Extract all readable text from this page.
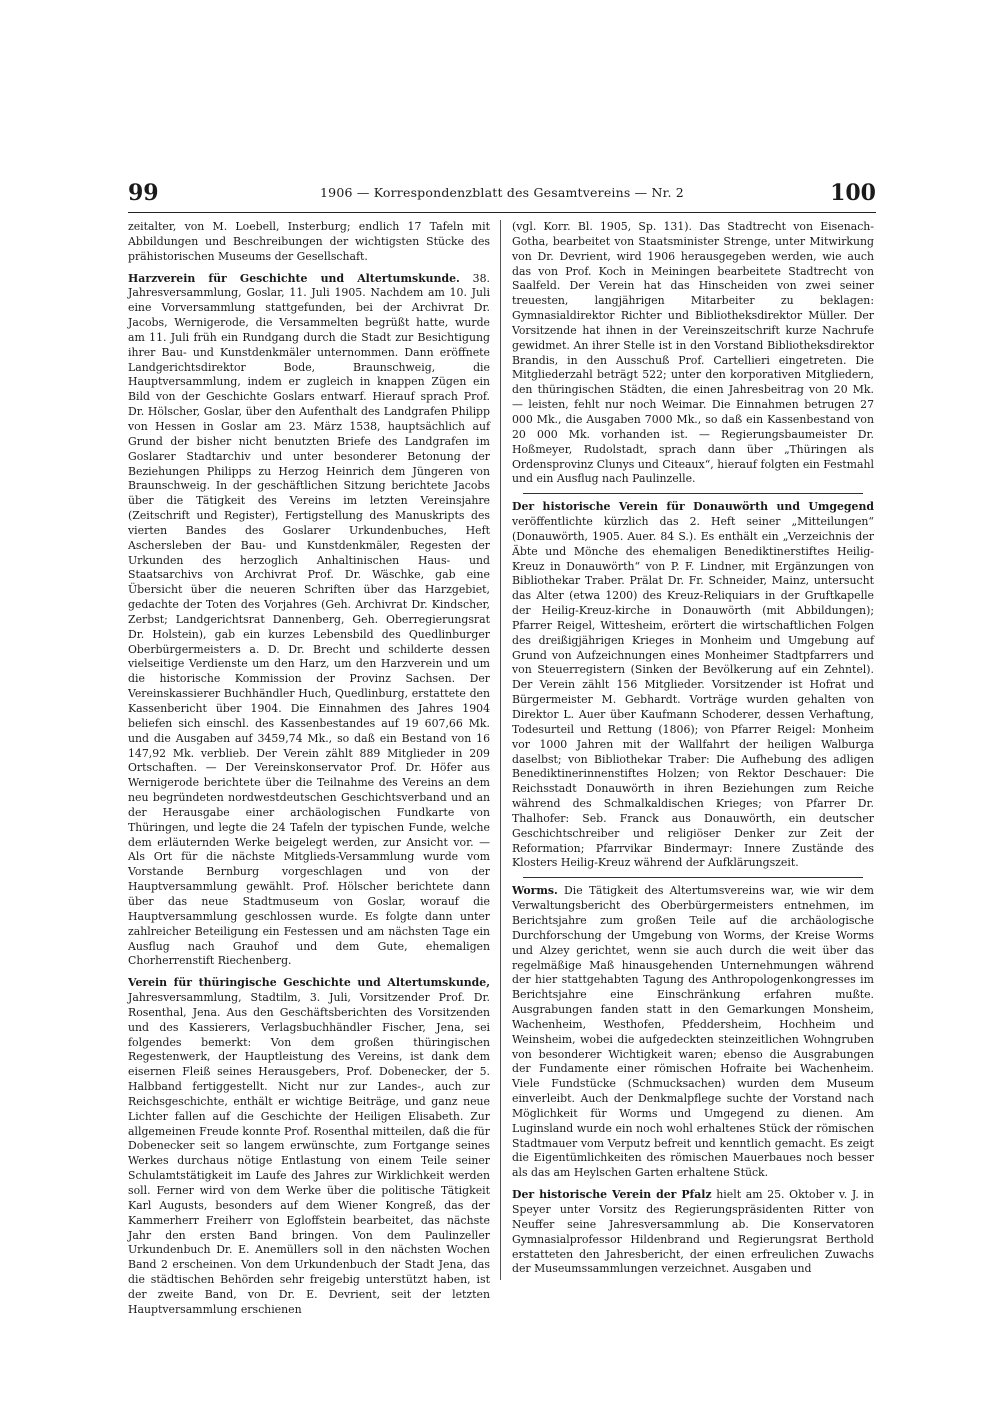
99	1906 — Korrespondenzblatt des Gesamtvereins — Nr. 2	100

zeitalter, von M. Loebell, Insterburg; endlich 17 Tafeln mit Abbildungen und Beschreibungen der wichtigsten Stücke des prähistorischen Museums der Gesellschaft.

Harzverein für Geschichte und Altertumskunde. 38. Jahresversammlung, Goslar, 11. Juli 1905. Nachdem am 10. Juli eine Vorversammlung stattgefunden, bei der Archivrat Dr. Jacobs, Wernigerode, die Versammelten begrüßt hatte, wurde am 11. Juli früh ein Rundgang durch die Stadt zur Besichtigung ihrer Bau- und Kunstdenkmäler unternommen. Dann eröffnete Landgerichtsdirektor Bode, Braunschweig, die Hauptversammlung, indem er zugleich in knappen Zügen ein Bild von der Geschichte Goslars entwarf. Hierauf sprach Prof. Dr. Hölscher, Goslar, über den Aufenthalt des Landgrafen Philipp von Hessen in Goslar am 23. März 1538, hauptsächlich auf Grund der bisher nicht benutzten Briefe des Landgrafen im Goslarer Stadtarchiv und unter besonderer Betonung der Beziehungen Philipps zu Herzog Heinrich dem Jüngeren von Braunschweig. In der geschäftlichen Sitzung berichtete Jacobs über die Tätigkeit des Vereins im letzten Vereinsjahre (Zeitschrift und Register), Fertigstellung des Manuskripts des vierten Bandes des Goslarer Urkundenbuches, Heft Aschersleben der Bau- und Kunstdenkmäler, Regesten der Urkunden des herzoglich Anhaltinischen Haus- und Staatsarchivs von Archivrat Prof. Dr. Wäschke, gab eine Übersicht über die neueren Schriften über das Harzgebiet, gedachte der Toten des Vorjahres (Geh. Archivrat Dr. Kindscher, Zerbst; Landgerichtsrat Dannenberg, Geh. Oberregierungsrat Dr. Holstein), gab ein kurzes Lebensbild des Quedlinburger Oberbürgermeisters a. D. Dr. Brecht und schilderte dessen vielseitige Verdienste um den Harz, um den Harzverein und um die historische Kommission der Provinz Sachsen. Der Vereinskassierer Buchhändler Huch, Quedlinburg, erstattete den Kassenbericht über 1904. Die Einnahmen des Jahres 1904 beliefen sich einschl. des Kassenbestandes auf 19 607,66 Mk. und die Ausgaben auf 3459,74 Mk., so daß ein Bestand von 16 147,92 Mk. verblieb. Der Verein zählt 889 Mitglieder in 209 Ortschaften. — Der Vereinskonservator Prof. Dr. Höfer aus Wernigerode berichtete über die Teilnahme des Vereins an dem neu begründeten nordwestdeutschen Geschichtsverband und an der Herausgabe einer archäologischen Fundkarte von Thüringen, und legte die 24 Tafeln der typischen Funde, welche dem erläuternden Werke beigelegt werden, zur Ansicht vor. — Als Ort für die nächste Mitglieds-Versammlung wurde vom Vorstande Bernburg vorgeschlagen und von der Hauptversammlung gewählt. Prof. Hölscher berichtete dann über das neue Stadtmuseum von Goslar, worauf die Hauptversammlung geschlossen wurde. Es folgte dann unter zahlreicher Beteiligung ein Festessen und am nächsten Tage ein Ausflug nach Grauhof und dem Gute, ehemaligen Chorherrenstift Riechenberg.

Verein für thüringische Geschichte und Altertumskunde, Jahresversammlung, Stadtilm, 3. Juli, Vorsitzender Prof. Dr. Rosenthal, Jena. Aus den Geschäftsberichten des Vorsitzenden und des Kassierers, Verlagsbuchhändler Fischer, Jena, sei folgendes bemerkt: Von dem großen thüringischen Regestenwerk, der Hauptleistung des Vereins, ist dank dem eisernen Fleiß seines Herausgebers, Prof. Dobenecker, der 5. Halbband fertiggestellt. Nicht nur zur Landes-, auch zur Reichsgeschichte, enthält er wichtige Beiträge, und ganz neue Lichter fallen auf die Geschichte der Heiligen Elisabeth. Zur allgemeinen Freude konnte Prof. Rosenthal mitteilen, daß die für Dobenecker seit so langem erwünschte, zum Fortgange seines Werkes durchaus nötige Entlastung von einem Teile seiner Schulamtstätigkeit im Laufe des Jahres zur Wirklichkeit werden soll. Ferner wird von dem Werke über die politische Tätigkeit Karl Augusts, besonders auf dem Wiener Kongreß, das der Kammerherr Freiherr von Egloffstein bearbeitet, das nächste Jahr den ersten Band bringen. Von dem Paulinzeller Urkundenbuch Dr. E. Anemüllers soll in den nächsten Wochen Band 2 erscheinen. Von dem Urkundenbuch der Stadt Jena, das die städtischen Behörden sehr freigebig unterstützt haben, ist der zweite Band, von Dr. E. Devrient, seit der letzten Hauptversammlung erschienen

(vgl. Korr. Bl. 1905, Sp. 131). Das Stadtrecht von Eisenach-Gotha, bearbeitet von Staatsminister Strenge, unter Mitwirkung von Dr. Devrient, wird 1906 herausgegeben werden, wie auch das von Prof. Koch in Meiningen bearbeitete Stadtrecht von Saalfeld. Der Verein hat das Hinscheiden von zwei seiner treuesten, langjährigen Mitarbeiter zu beklagen: Gymnasialdirektor Richter und Bibliotheksdirektor Müller. Der Vorsitzende hat ihnen in der Vereinszeitschrift kurze Nachrufe gewidmet. An ihrer Stelle ist in den Vorstand Bibliotheksdirektor Brandis, in den Ausschuß Prof. Cartellieri eingetreten. Die Mitgliederzahl beträgt 522; unter den korporativen Mitgliedern, den thüringischen Städten, die einen Jahresbeitrag von 20 Mk. — leisten, fehlt nur noch Weimar. Die Einnahmen betrugen 27 000 Mk., die Ausgaben 7000 Mk., so daß ein Kassenbestand von 20 000 Mk. vorhanden ist. — Regierungsbaumeister Dr. Hoßmeyer, Rudolstadt, sprach dann über „Thüringen als Ordensprovinz Clunys und Citeaux“, hierauf folgten ein Festmahl und ein Ausflug nach Paulinzelle.

Der historische Verein für Donauwörth und Umgegend veröffentlichte kürzlich das 2. Heft seiner „Mitteilungen“ (Donauwörth, 1905. Auer. 84 S.). Es enthält ein „Verzeichnis der Äbte und Mönche des ehemaligen Benediktinerstiftes Heilig-Kreuz in Donauwörth“ von P. F. Lindner, mit Ergänzungen von Bibliothekar Traber. Prälat Dr. Fr. Schneider, Mainz, untersucht das Alter (etwa 1200) des Kreuz-Reliquiars in der Gruftkapelle der Heilig-Kreuz-kirche in Donauwörth (mit Abbildungen); Pfarrer Reigel, Wittesheim, erörtert die wirtschaftlichen Folgen des dreißigjährigen Krieges in Monheim und Umgebung auf Grund von Aufzeichnungen eines Monheimer Stadtpfarrers und von Steuerregistern (Sinken der Bevölkerung auf ein Zehntel). Der Verein zählt 156 Mitglieder. Vorsitzender ist Hofrat und Bürgermeister M. Gebhardt. Vorträge wurden gehalten von Direktor L. Auer über Kaufmann Schoderer, dessen Verhaftung, Todesurteil und Rettung (1806); von Pfarrer Reigel: Monheim vor 1000 Jahren mit der Wallfahrt der heiligen Walburga daselbst; von Bibliothekar Traber: Die Aufhebung des adligen Benediktinerinnenstiftes Holzen; von Rektor Deschauer: Die Reichsstadt Donauwörth in ihren Beziehungen zum Reiche während des Schmalkaldischen Krieges; von Pfarrer Dr. Thalhofer: Seb. Franck aus Donauwörth, ein deutscher Geschichtschreiber und religiöser Denker zur Zeit der Reformation; Pfarrvikar Bindermayr: Innere Zustände des Klosters Heilig-Kreuz während der Aufklärungszeit.

Worms. Die Tätigkeit des Altertumsvereins war, wie wir dem Verwaltungsbericht des Oberbürgermeisters entnehmen, im Berichtsjahre zum großen Teile auf die archäologische Durchforschung der Umgebung von Worms, der Kreise Worms und Alzey gerichtet, wenn sie auch durch die weit über das regelmäßige Maß hinausgehenden Unternehmungen während der hier stattgehabten Tagung des Anthropologenkongresses im Berichtsjahre eine Einschränkung erfahren mußte. Ausgrabungen fanden statt in den Gemarkungen Monsheim, Wachenheim, Westhofen, Pfeddersheim, Hochheim und Weinsheim, wobei die aufgedeckten steinzeitlichen Wohngruben von besonderer Wichtigkeit waren; ebenso die Ausgrabungen der Fundamente einer römischen Hofraite bei Wachenheim. Viele Fundstücke (Schmucksachen) wurden dem Museum einverleibt. Auch der Denkmalpflege suchte der Vorstand nach Möglichkeit für Worms und Umgegend zu dienen. Am Luginsland wurde ein noch wohl erhaltenes Stück der römischen Stadtmauer vom Verputz befreit und kenntlich gemacht. Es zeigt die Eigentümlichkeiten des römischen Mauerbaues noch besser als das am Heylschen Garten erhaltene Stück.

Der historische Verein der Pfalz hielt am 25. Oktober v. J. in Speyer unter Vorsitz des Regierungspräsidenten Ritter von Neuffer seine Jahresversammlung ab. Die Konservatoren Gymnasialprofessor Hildenbrand und Regierungsrat Berthold erstatteten den Jahresbericht, der einen erfreulichen Zuwachs der Museumssammlungen verzeichnet. Ausgaben und
